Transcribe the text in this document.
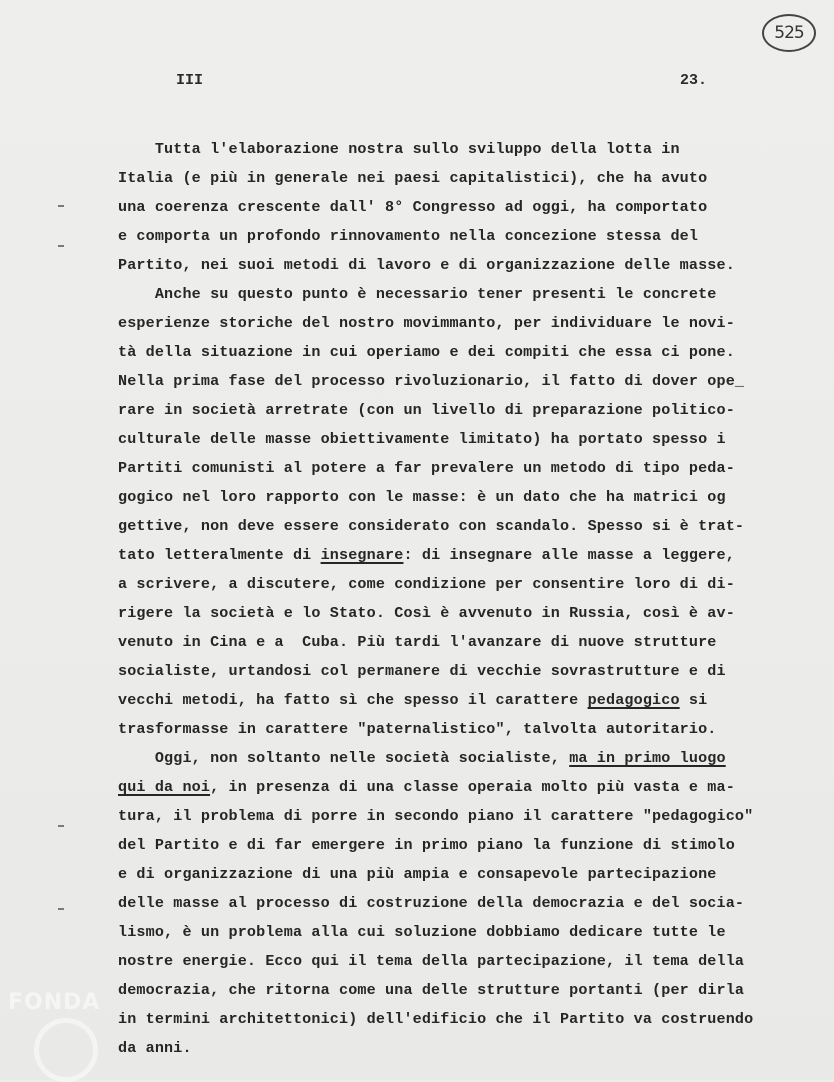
525
III	23.
Tutta l'elaborazione nostra sullo sviluppo della lotta in
Italia (e più in generale nei paesi capitalistici), che ha avuto
una coerenza crescente dall' 8° Congresso ad oggi, ha comportato
e comporta un profondo rinnovamento nella concezione stessa del
Partito, nei suoi metodi di lavoro e di organizzazione delle masse.
Anche su questo punto è necessario tener presenti le concrete
esperienze storiche del nostro movimmanto, per individuare le novi-
tà della situazione in cui operiamo e dei compiti che essa ci pone.
Nella prima fase del processo rivoluzionario, il fatto di dover ope_
rare in società arretrate (con un livello di preparazione politico-
culturale delle masse obiettivamente limitato) ha portato spesso i
Partiti comunisti al potere a far prevalere un metodo di tipo peda-
gogico nel loro rapporto con le masse: è un dato che ha matrici og
gettive, non deve essere considerato con scandalo. Spesso si è trat-
tato letteralmente di insegnare: di insegnare alle masse a leggere,
a scrivere, a discutere, come condizione per consentire loro di di-
rigere la società e lo Stato. Così è avvenuto in Russia, così è av-
venuto in Cina e a  Cuba. Più tardi l'avanzare di nuove strutture
socialiste, urtandosi col permanere di vecchie sovrastrutture e di
vecchi metodi, ha fatto sì che spesso il carattere pedagogico si
trasformasse in carattere "paternalistico", talvolta autoritario.
Oggi, non soltanto nelle società socialiste, ma in primo luogo
qui da noi, in presenza di una classe operaia molto più vasta e ma-
tura, il problema di porre in secondo piano il carattere "pedagogico"
del Partito e di far emergere in primo piano la funzione di stimolo
e di organizzazione di una più ampia e consapevole partecipazione
delle masse al processo di costruzione della democrazia e del socia-
lismo, è un problema alla cui soluzione dobbiamo dedicare tutte le
nostre energie. Ecco qui il tema della partecipazione, il tema della
democrazia, che ritorna come una delle strutture portanti (per dirla
in termini architettonici) dell'edificio che il Partito va costruendo
da anni.
FONDA
